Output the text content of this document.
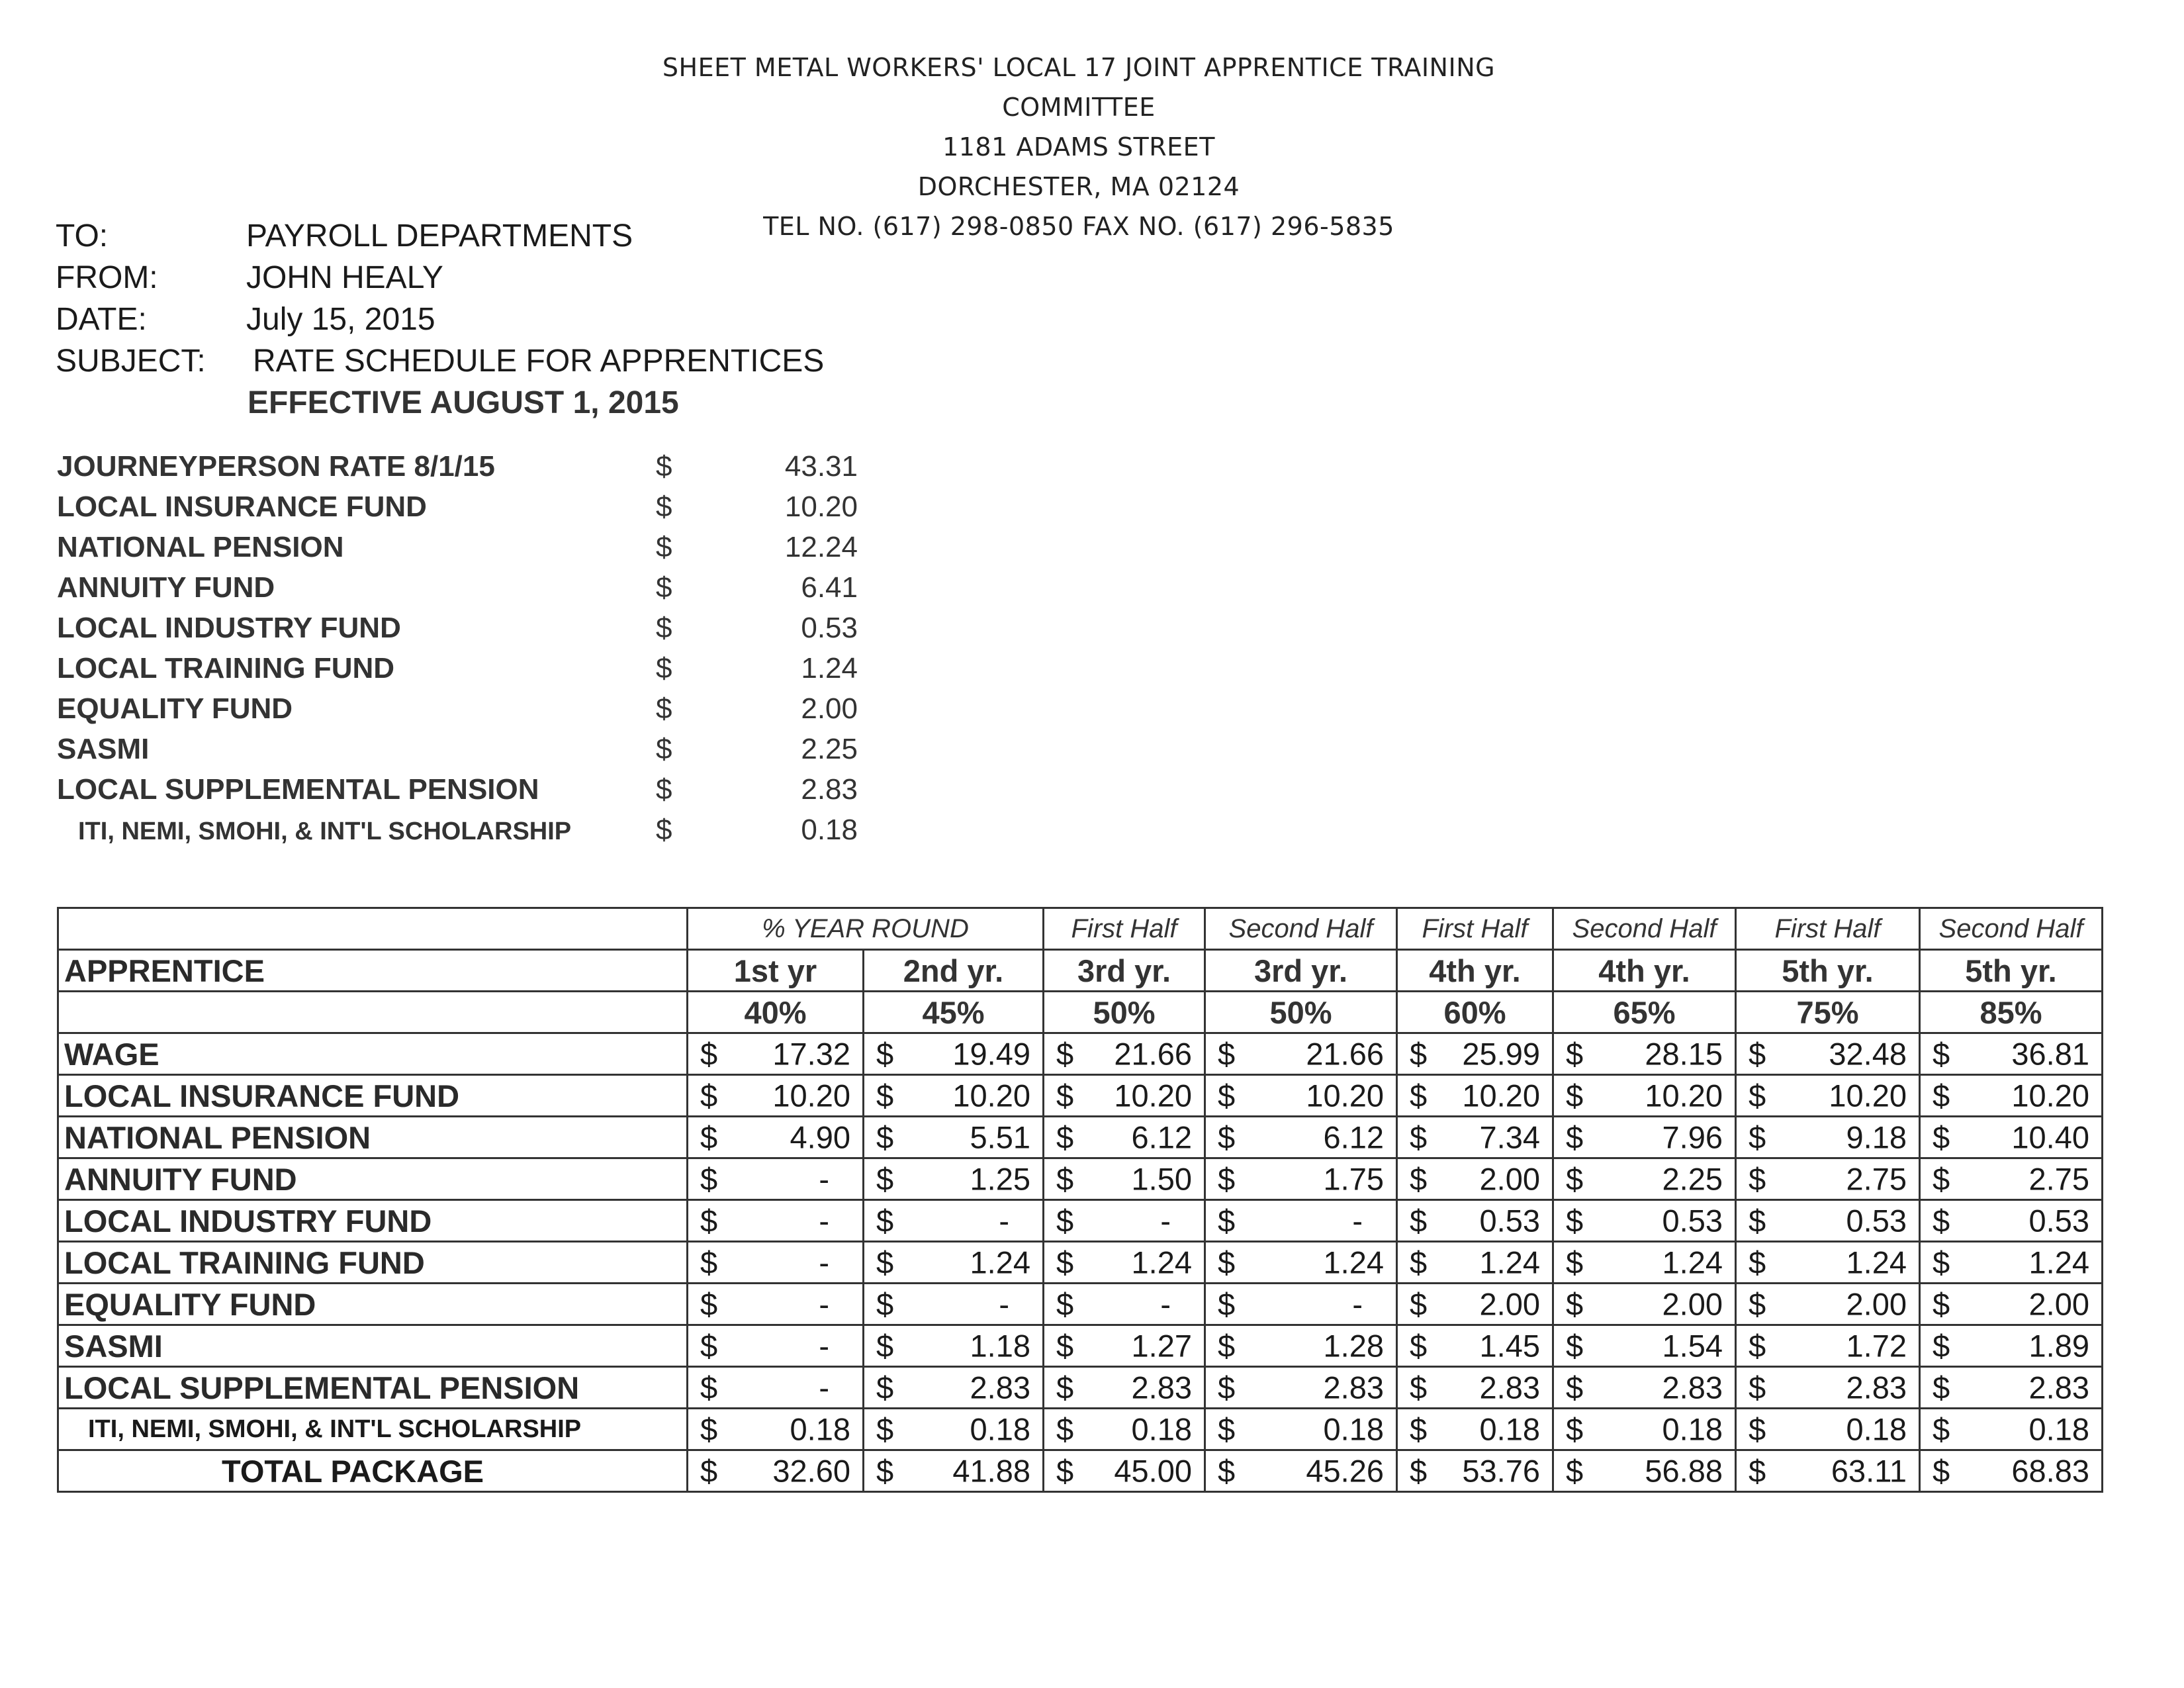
SHEET METAL WORKERS' LOCAL 17 JOINT APPRENTICE TRAINING COMMITTEE
1181 ADAMS STREET
DORCHESTER, MA 02124
TEL NO. (617) 298-0850 FAX NO. (617) 296-5835
TO:	PAYROLL DEPARTMENTS
FROM:	JOHN HEALY
DATE:	July 15, 2015
SUBJECT:	RATE SCHEDULE FOR APPRENTICES
EFFECTIVE AUGUST 1, 2015
JOURNEYPERSON RATE 8/1/15	$	43.31
LOCAL INSURANCE FUND	$	10.20
NATIONAL PENSION	$	12.24
ANNUITY FUND	$	6.41
LOCAL INDUSTRY FUND	$	0.53
LOCAL TRAINING FUND	$	1.24
EQUALITY FUND	$	2.00
SASMI	$	2.25
LOCAL SUPPLEMENTAL PENSION	$	2.83
ITI, NEMI, SMOHI, & INT'L SCHOLARSHIP	$	0.18
	% YEAR ROUND		First Half	Second Half	First Half	Second Half	First Half	Second Half
APPRENTICE	1st yr	2nd yr.	3rd yr.	3rd yr.	4th yr.	4th yr.	5th yr.	5th yr.
	40%	45%	50%	50%	60%	65%	75%	85%
WAGE	$ 17.32	$ 19.49	$ 21.66	$ 21.66	$ 25.99	$ 28.15	$ 32.48	$ 36.81

LOCAL INSURANCE FUND	$ 10.20	$ 10.20	$ 10.20	$ 10.20	$ 10.20	$ 10.20	$ 10.20	$ 10.20

NATIONAL PENSION	$ 4.90	$ 5.51	$ 6.12	$ 6.12	$ 7.34	$ 7.96	$ 9.18	$ 10.40

ANNUITY FUND	$ -	$ 1.25	$ 1.50	$ 1.75	$ 2.00	$ 2.25	$ 2.75	$ 2.75

LOCAL INDUSTRY FUND	$ -	$ -	$ -	$ -	$ 0.53	$ 0.53	$ 0.53	$ 0.53

LOCAL TRAINING FUND	$ -	$ 1.24	$ 1.24	$ 1.24	$ 1.24	$ 1.24	$ 1.24	$ 1.24

EQUALITY FUND	$ -	$ -	$ -	$ -	$ 2.00	$ 2.00	$ 2.00	$ 2.00

SASMI	$ -	$ 1.18	$ 1.27	$ 1.28	$ 1.45	$ 1.54	$ 1.72	$ 1.89

LOCAL SUPPLEMENTAL PENSION	$ -	$ 2.83	$ 2.83	$ 2.83	$ 2.83	$ 2.83	$ 2.83	$ 2.83

ITI, NEMI, SMOHI, & INT'L SCHOLARSHIP	$ 0.18	$ 0.18	$ 0.18	$ 0.18	$ 0.18	$ 0.18	$ 0.18	$ 0.18

TOTAL PACKAGE	$ 32.60	$ 41.88	$ 45.00	$ 45.26	$ 53.76	$ 56.88	$ 63.11	$ 68.83
